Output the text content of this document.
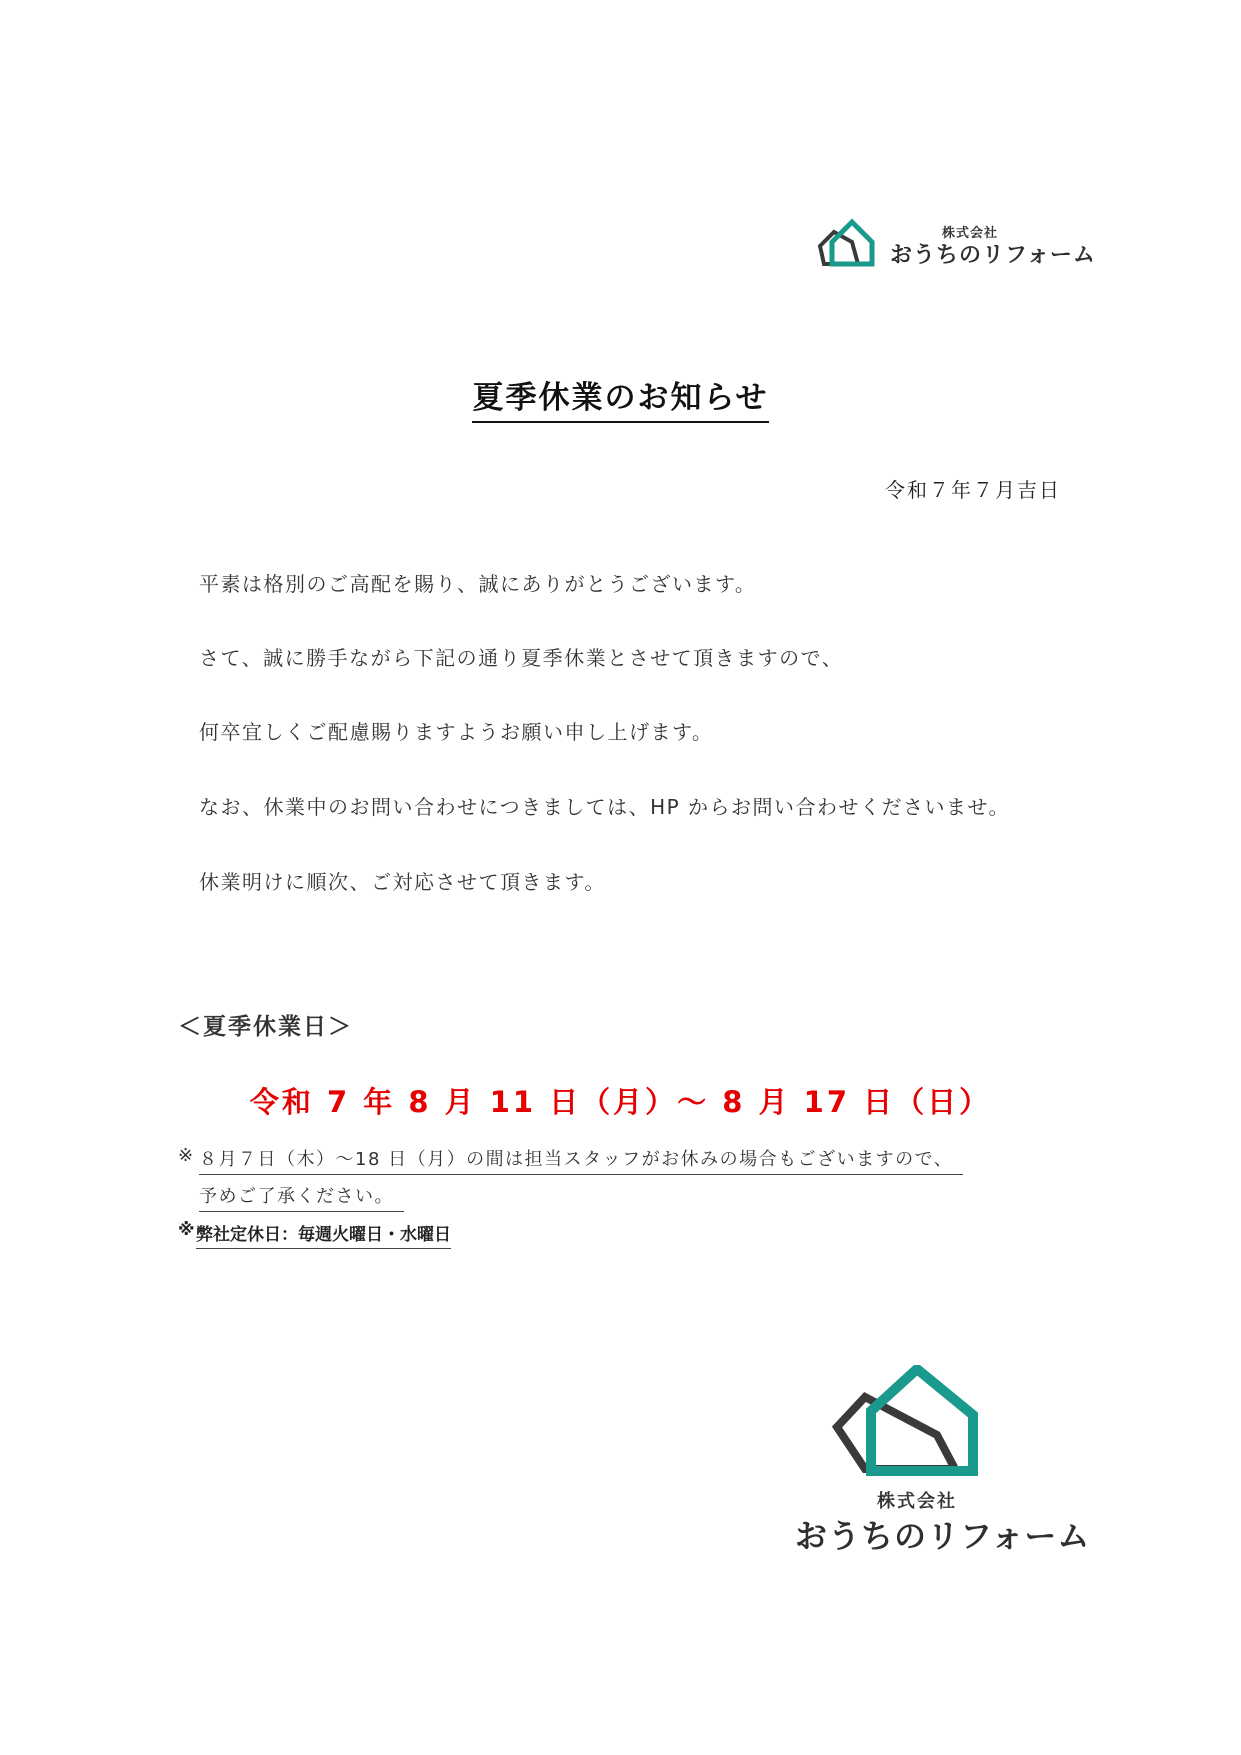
株式会社
おうちのリフォーム
夏季休業のお知らせ
令和７年７月吉日
平素は格別のご高配を賜り、誠にありがとうございます。
さて、誠に勝手ながら下記の通り夏季休業とさせて頂きますので、
何卒宜しくご配慮賜りますようお願い申し上げます。
なお、休業中のお問い合わせにつきましては、HP からお問い合わせくださいませ。
休業明けに順次、ご対応させて頂きます。
＜夏季休業日＞
令和 7 年 8 月 11 日（月）～ 8 月 17 日（日）
※ ８月７日（木）～18 日（月）の間は担当スタッフがお休みの場合もございますので、
予めご了承ください。
※ 弊社定休日：毎週火曜日・水曜日
株式会社
おうちのリフォーム
